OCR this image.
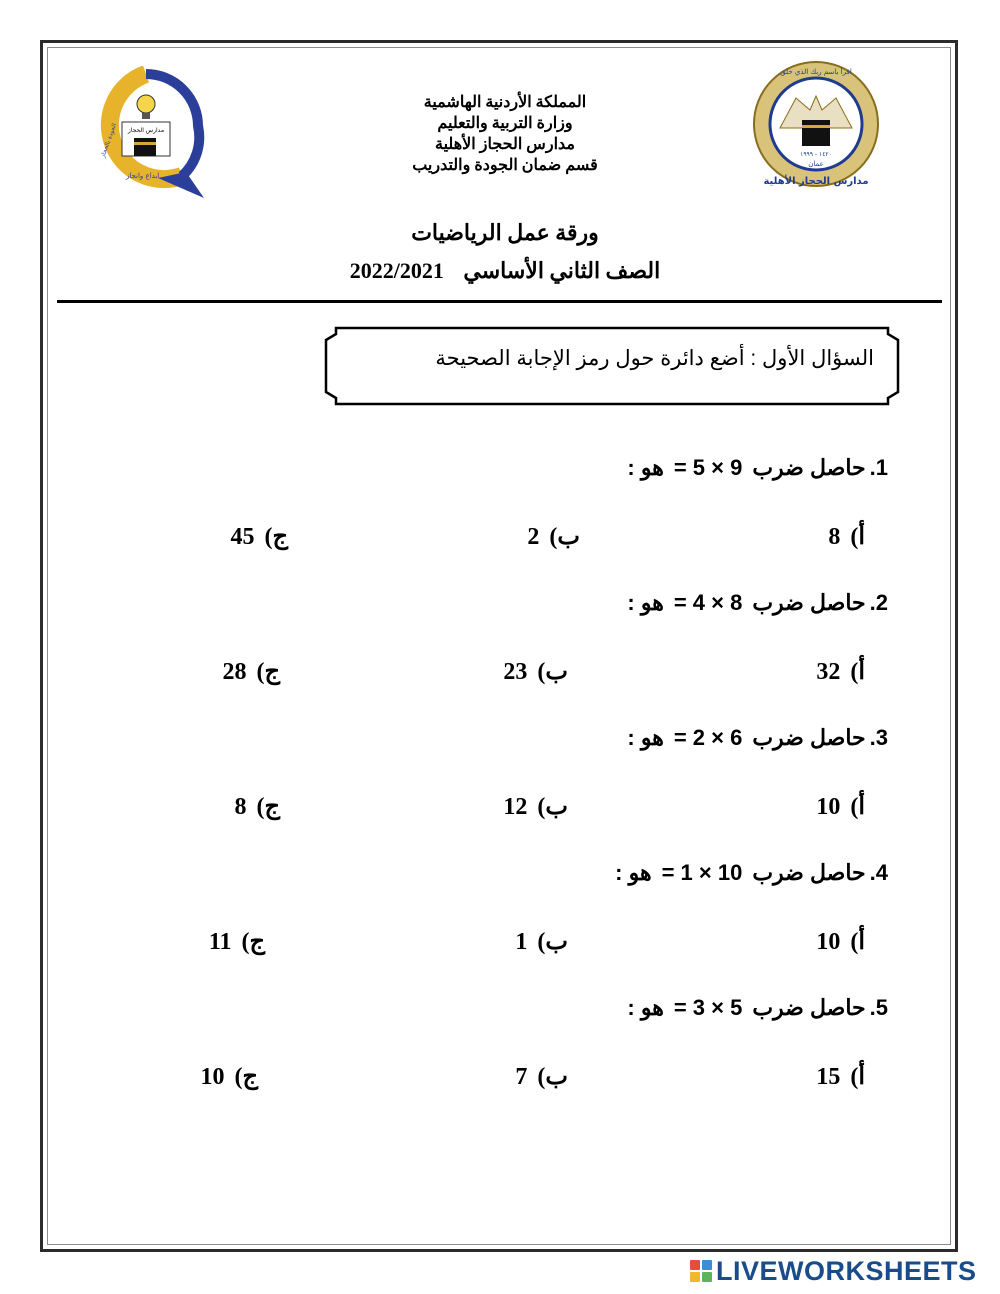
مدارس الحجاز
الجودة بالحجاز
ابداع وانجاز
عمان
١٤٢٠ - ١٩٩٩
اقرأ باسم ربك الذي خلق
مدارس الحجاز الأهلية
المملكة الأردنية الهاشمية
وزارة التربية والتعليم
مدارس الحجاز الأهلية
قسم ضمان الجودة والتدريب
ورقة عمل الرياضيات
الصف الثاني الأساسي 2022/2021
السؤال الأول : أضع دائرة حول رمز الإجابة الصحيحة
1.حاصل ضرب= 5 × 9هو :
أ)8
ب)2
ج)45
2.حاصل ضرب= 4 × 8هو :
أ)32
ب)23
ج)28
3.حاصل ضرب= 2 × 6هو :
أ)10
ب)12
ج)8
4.حاصل ضرب= 1 × 10هو :
أ)10
ب)1
ج)11
5.حاصل ضرب= 3 × 5هو :
أ)15
ب)7
ج)10
LIVEWORKSHEETS
